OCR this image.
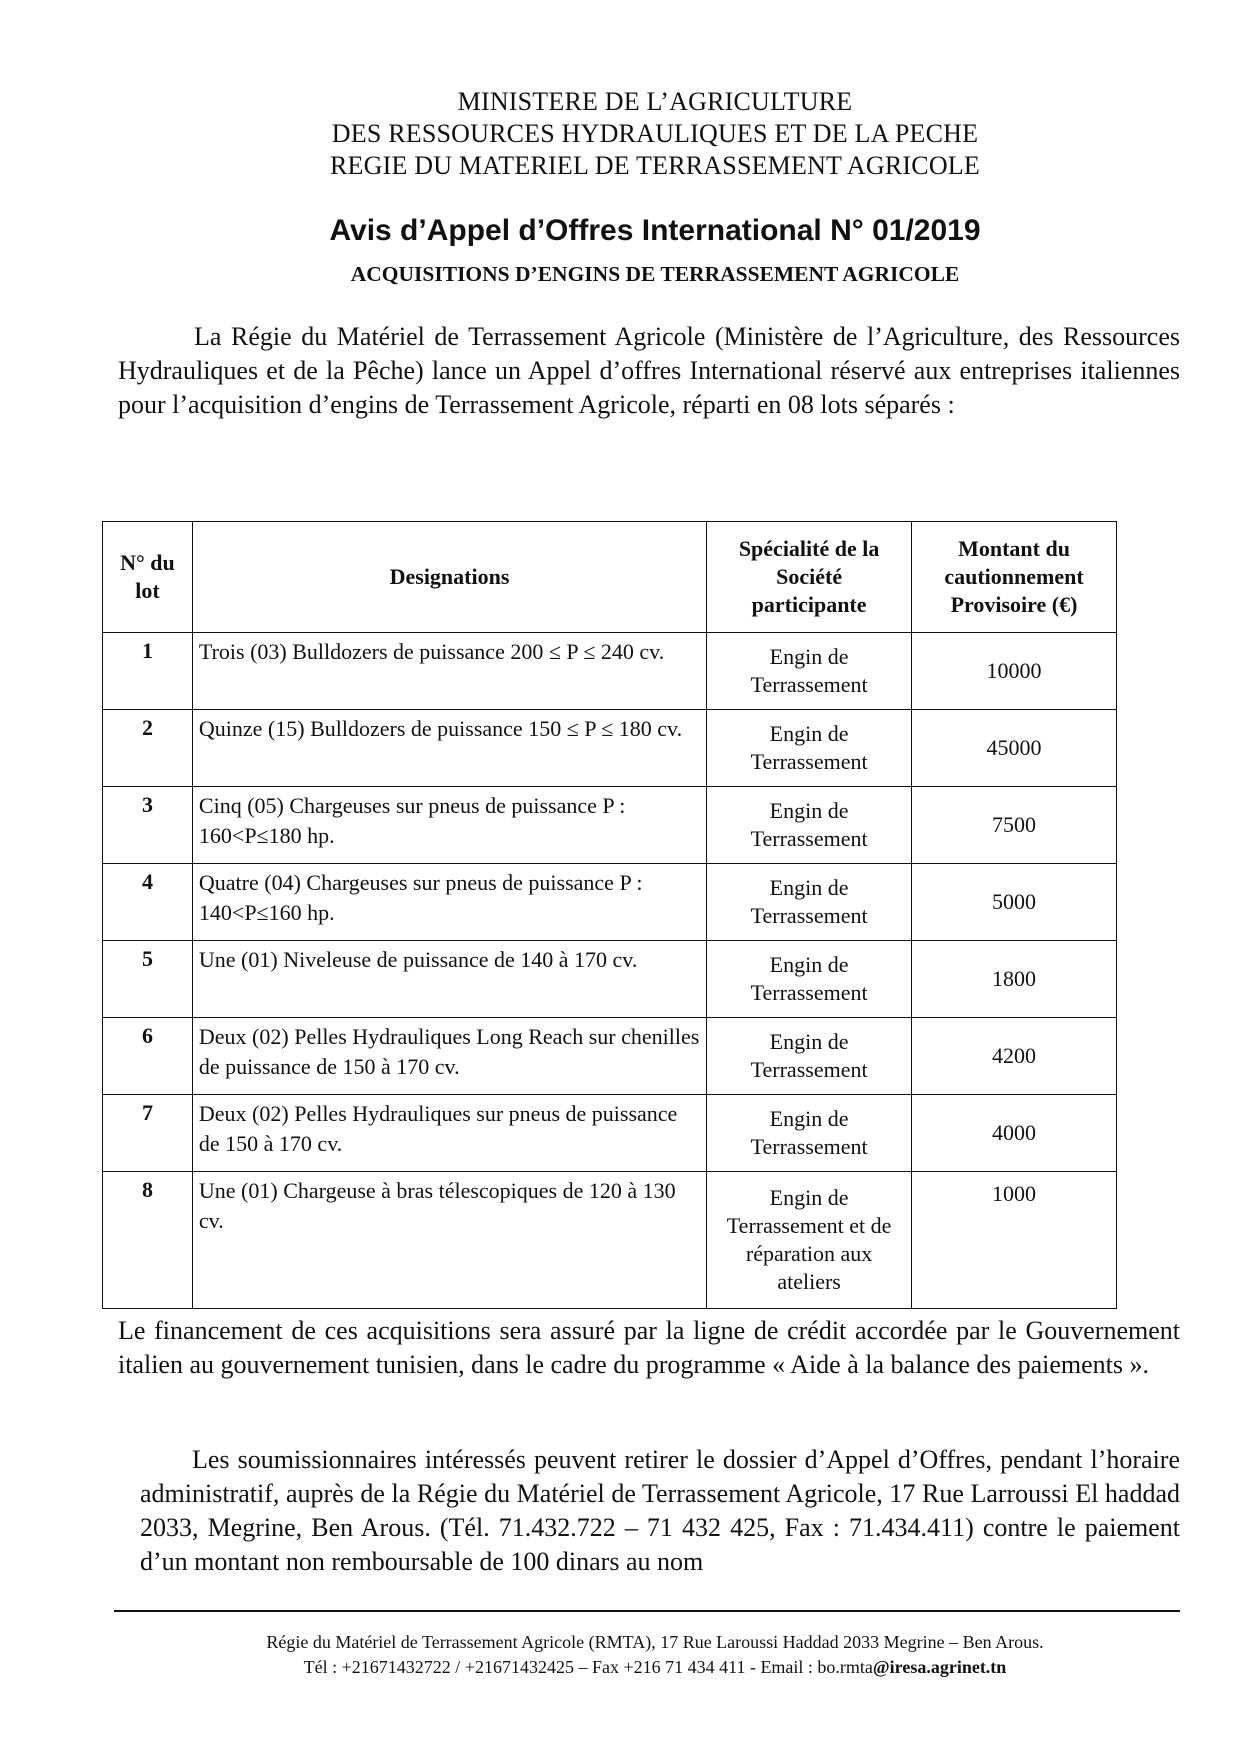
MINISTERE DE L’AGRICULTURE
DES RESSOURCES HYDRAULIQUES ET DE LA PECHE
REGIE DU MATERIEL DE TERRASSEMENT AGRICOLE
Avis d’Appel d’Offres International N° 01/2019
ACQUISITIONS D’ENGINS DE TERRASSEMENT AGRICOLE

La Régie du Matériel de Terrassement Agricole (Ministère de l’Agriculture, des Ressources Hydrauliques et de la Pêche) lance un Appel d’offres International réservé aux entreprises italiennes pour l’acquisition d’engins de Terrassement Agricole, réparti en 08 lots séparés :

N° du lot	Designations	Spécialité de la Société participante	Montant du cautionnement Provisoire (€)
1	Trois (03) Bulldozers de puissance 200 ≤ P ≤ 240 cv.	Engin de Terrassement	10000
2	Quinze (15) Bulldozers de puissance 150 ≤ P ≤ 180 cv.	Engin de Terrassement	45000
3	Cinq (05) Chargeuses sur pneus de puissance P : 160<P≤180 hp.	Engin de Terrassement	7500
4	Quatre (04) Chargeuses sur pneus de puissance P : 140<P≤160 hp.	Engin de Terrassement	5000
5	Une (01) Niveleuse de puissance de 140 à 170 cv.	Engin de Terrassement	1800
6	Deux (02) Pelles Hydrauliques Long Reach sur chenilles de puissance de 150 à 170 cv.	Engin de Terrassement	4200
7	Deux (02) Pelles Hydrauliques sur pneus de puissance de 150 à 170 cv.	Engin de Terrassement	4000
8	Une (01) Chargeuse à bras télescopiques de 120 à 130 cv.	Engin de Terrassement et de réparation aux ateliers	1000

Le financement de ces acquisitions sera assuré par la ligne de crédit accordée par le Gouvernement italien au gouvernement tunisien, dans le cadre du programme « Aide à la balance des paiements ».

Les soumissionnaires intéressés peuvent retirer le dossier d’Appel d’Offres, pendant l’horaire administratif, auprès de la Régie du Matériel de Terrassement Agricole, 17 Rue Larroussi El haddad 2033, Megrine, Ben Arous. (Tél. 71.432.722 – 71 432 425, Fax : 71.434.411) contre le paiement d’un montant non remboursable de 100 dinars au nom

Régie du Matériel de Terrassement Agricole (RMTA), 17 Rue Laroussi Haddad 2033 Megrine – Ben Arous.
Tél : +21671432722 / +21671432425 – Fax +216 71 434 411 - Email : bo.rmta@iresa.agrinet.tn
